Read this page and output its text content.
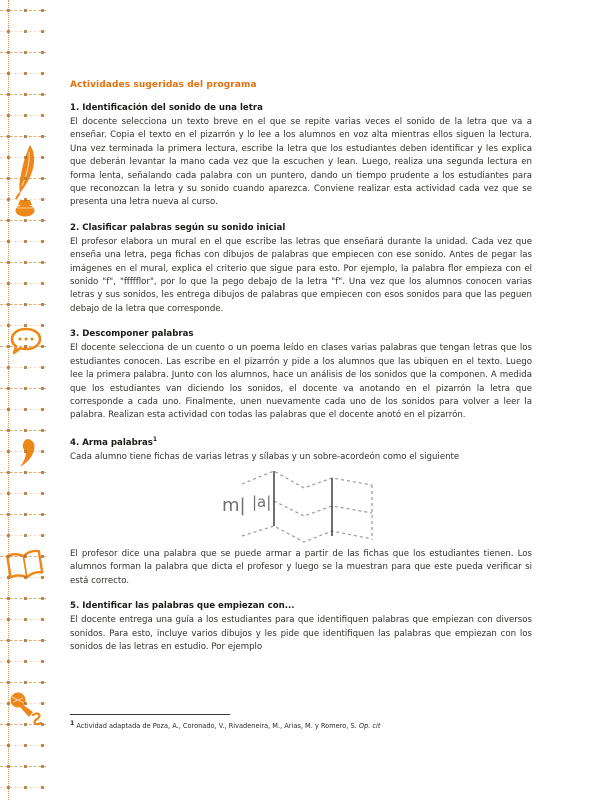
Actividades sugeridas del programa
1. Identificación del sonido de una letra

El docente selecciona un texto breve en el que se repite varias veces el sonido de la letra que va a enseñar. Copia el texto en el pizarrón y lo lee a los alumnos en voz alta mientras ellos siguen la lectura. Una vez terminada la primera lectura, escribe la letra que los estudiantes deben identificar y les explica que deberán levantar la mano cada vez que la escuchen y lean. Luego, realiza una segunda lectura en forma lenta, señalando cada palabra con un puntero, dando un tiempo prudente a los estudiantes para que reconozcan la letra y su sonido cuando aparezca. Conviene realizar esta actividad cada vez que se presenta una letra nueva al curso.

2. Clasificar palabras según su sonido inicial

El profesor elabora un mural en el que escribe las letras que enseñará durante la unidad. Cada vez que enseña una letra, pega fichas con dibujos de palabras que empiecen con ese sonido. Antes de pegar las imágenes en el mural, explica el criterio que sigue para esto. Por ejemplo, la palabra flor empieza con el sonido "f", "ffffflor", por lo que la pego debajo de la letra "f". Una vez que los alumnos conocen varias letras y sus sonidos, les entrega dibujos de palabras que empiecen con esos sonidos para que las peguen debajo de la letra que corresponde.

3. Descomponer palabras

El docente selecciona de un cuento o un poema leído en clases varias palabras que tengan letras que los estudiantes conocen. Las escribe en el pizarrón y pide a los alumnos que las ubiquen en el texto. Luego lee la primera palabra. Junto con los alumnos, hace un análisis de los sonidos que la componen. A medida que los estudiantes van diciendo los sonidos, el docente va anotando en el pizarrón la letra que corresponde a cada uno. Finalmente, unen nuevamente cada uno de los sonidos para volver a leer la palabra. Realizan esta actividad con todas las palabras que el docente anotó en el pizarrón.

4. Arma palabras$^1$

Cada alumno tiene fichas de varias letras y sílabas y un sobre-acordeón como el siguiente

m| |a|

El profesor dice una palabra que se puede armar a partir de las fichas que los estudiantes tienen. Los alumnos forman la palabra que dicta el profesor y luego se la muestran para que este pueda verificar si está correcto.

5. Identificar las palabras que empiezan con...

El docente entrega una guía a los estudiantes para que identifiquen palabras que empiezan con diversos sonidos. Para esto, incluye varios dibujos y les pide que identifiquen las palabras que empiezan con los sonidos de las letras en estudio. Por ejemplo

$^1$ Actividad adaptada de Poza, A., Coronado, V., Rivadeneira, M., Arias, M. y Romero, S. Op. cit
